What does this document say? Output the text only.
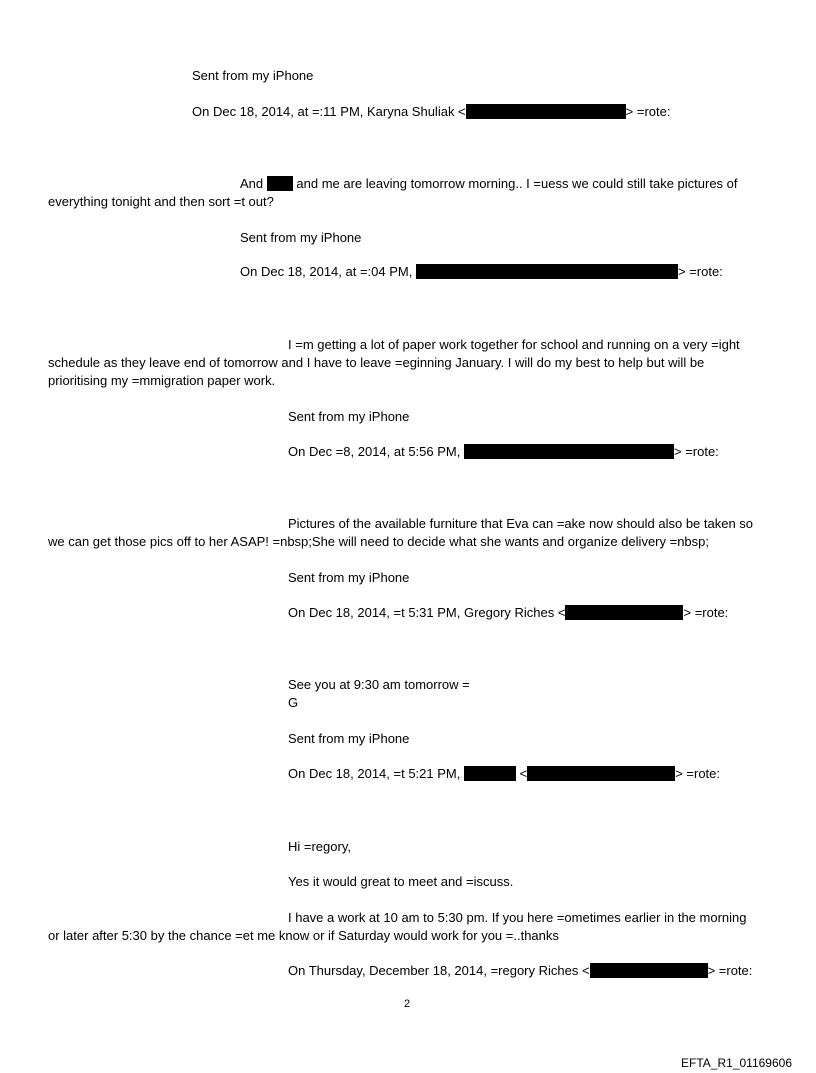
Sent from my iPhone
On Dec 18, 2014, at =:11 PM, Karyna Shuliak <	> =rote:
And	and me are leaving tomorrow morning.. I =uess we could still take pictures of
everything tonight and then sort =t out?
Sent from my iPhone
On Dec 18, 2014, at =:04 PM,	> =rote:
I =m getting a lot of paper work together for school and running on a very =ight
schedule as they leave end of tomorrow and I have to leave =eginning January. I will do my best to help but will be
prioritising my =mmigration paper work.
Sent from my iPhone
On Dec =8, 2014, at 5:56 PM,	> =rote:
Pictures of the available furniture that Eva can =ake now should also be taken so
we can get those pics off to her ASAP! =nbsp;She will need to decide what she wants and organize delivery =nbsp;
Sent from my iPhone
On Dec 18, 2014, =t 5:31 PM, Gregory Riches <	> =rote:
See you at 9:30 am tomorrow =
G
Sent from my iPhone
On Dec 18, 2014, =t 5:21 PM,	<	> =rote:
Hi =regory,
Yes it would great to meet and =iscuss.
I have a work at 10 am to 5:30 pm. If you here =ometimes earlier in the morning
or later after 5:30 by the chance =et me know or if Saturday would work for you =..thanks
On Thursday, December 18, 2014, =regory Riches <	> =rote:
2
EFTA_R1_01169606
